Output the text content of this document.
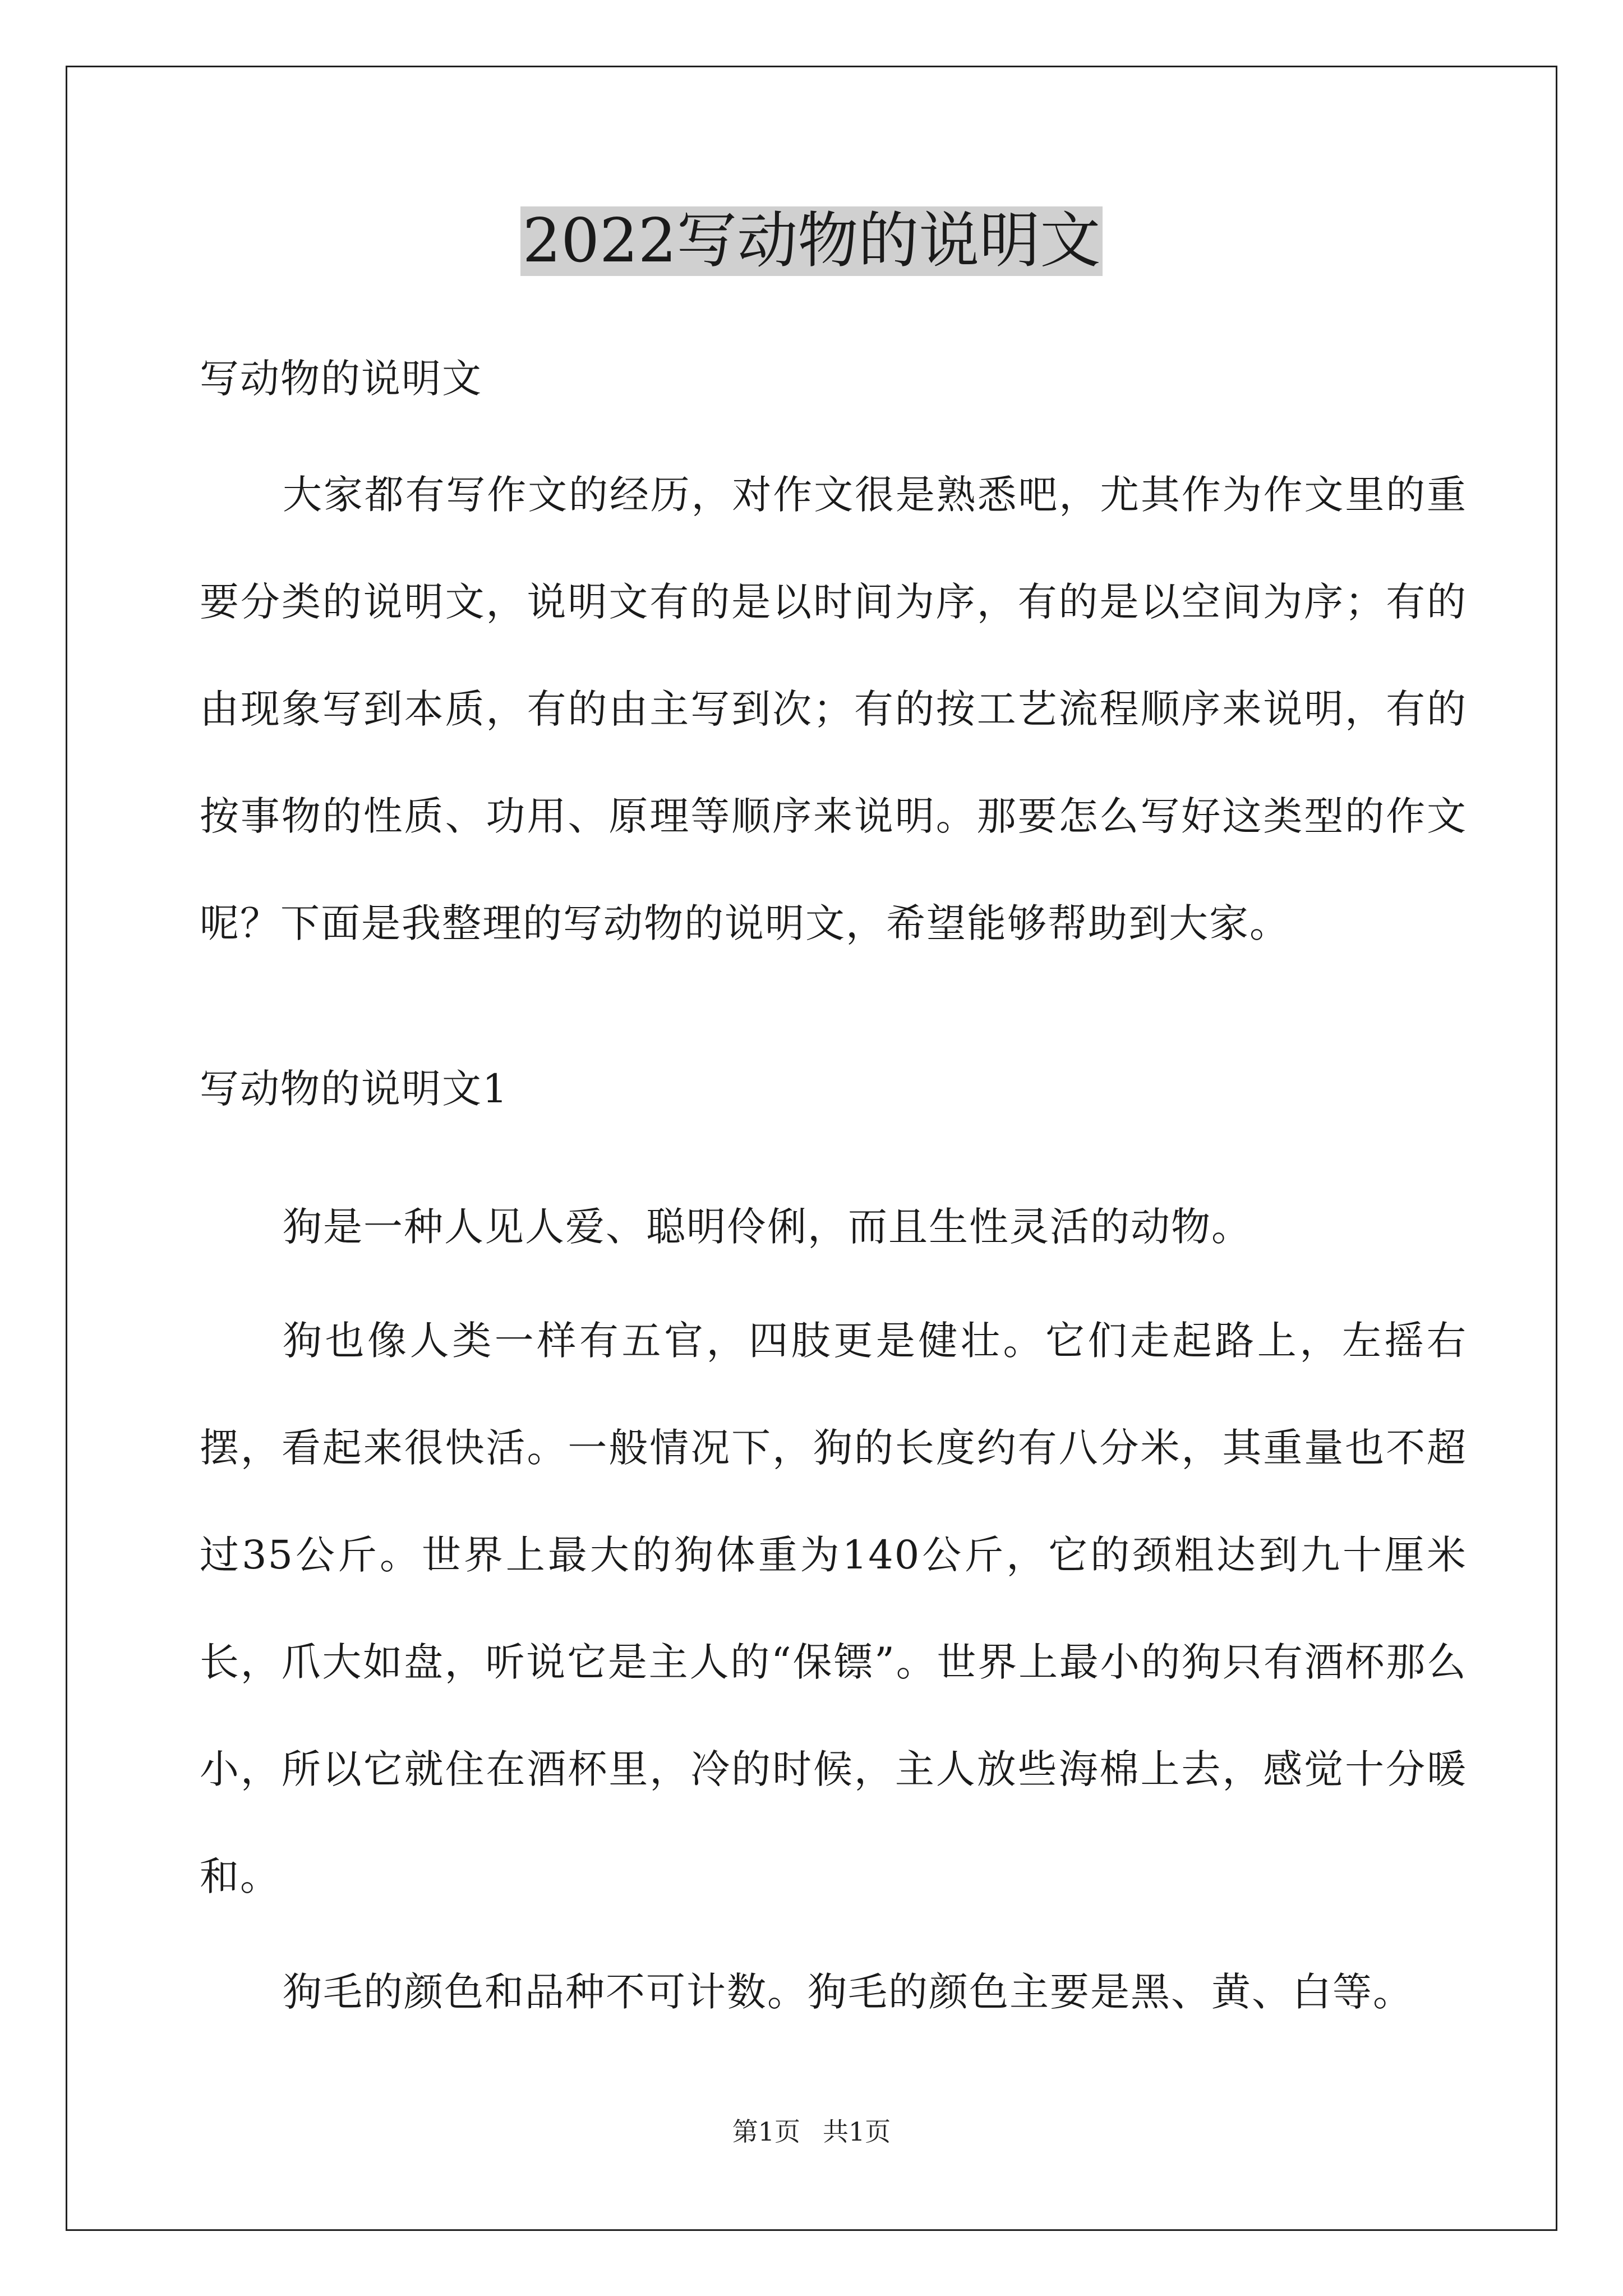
2022写动物的说明文

写动物的说明文

大家都有写作文的经历，对作文很是熟悉吧，尤其作为作文里的重要分类的说明文，说明文有的是以时间为序，有的是以空间为序；有的由现象写到本质，有的由主写到次；有的按工艺流程顺序来说明，有的按事物的性质、功用、原理等顺序来说明。那要怎么写好这类型的作文呢？下面是我整理的写动物的说明文，希望能够帮助到大家。

写动物的说明文1

狗是一种人见人爱、聪明伶俐，而且生性灵活的动物。

狗也像人类一样有五官，四肢更是健壮。它们走起路上，左摇右摆，看起来很快活。一般情况下，狗的长度约有八分米，其重量也不超过35公斤。世界上最大的狗体重为140公斤，它的颈粗达到九十厘米长，爪大如盘，听说它是主人的“保镖”。世界上最小的狗只有酒杯那么小，所以它就住在酒杯里，冷的时候，主人放些海棉上去，感觉十分暖和。

狗毛的颜色和品种不可计数。狗毛的颜色主要是黑、黄、白等。

第1页 共1页
